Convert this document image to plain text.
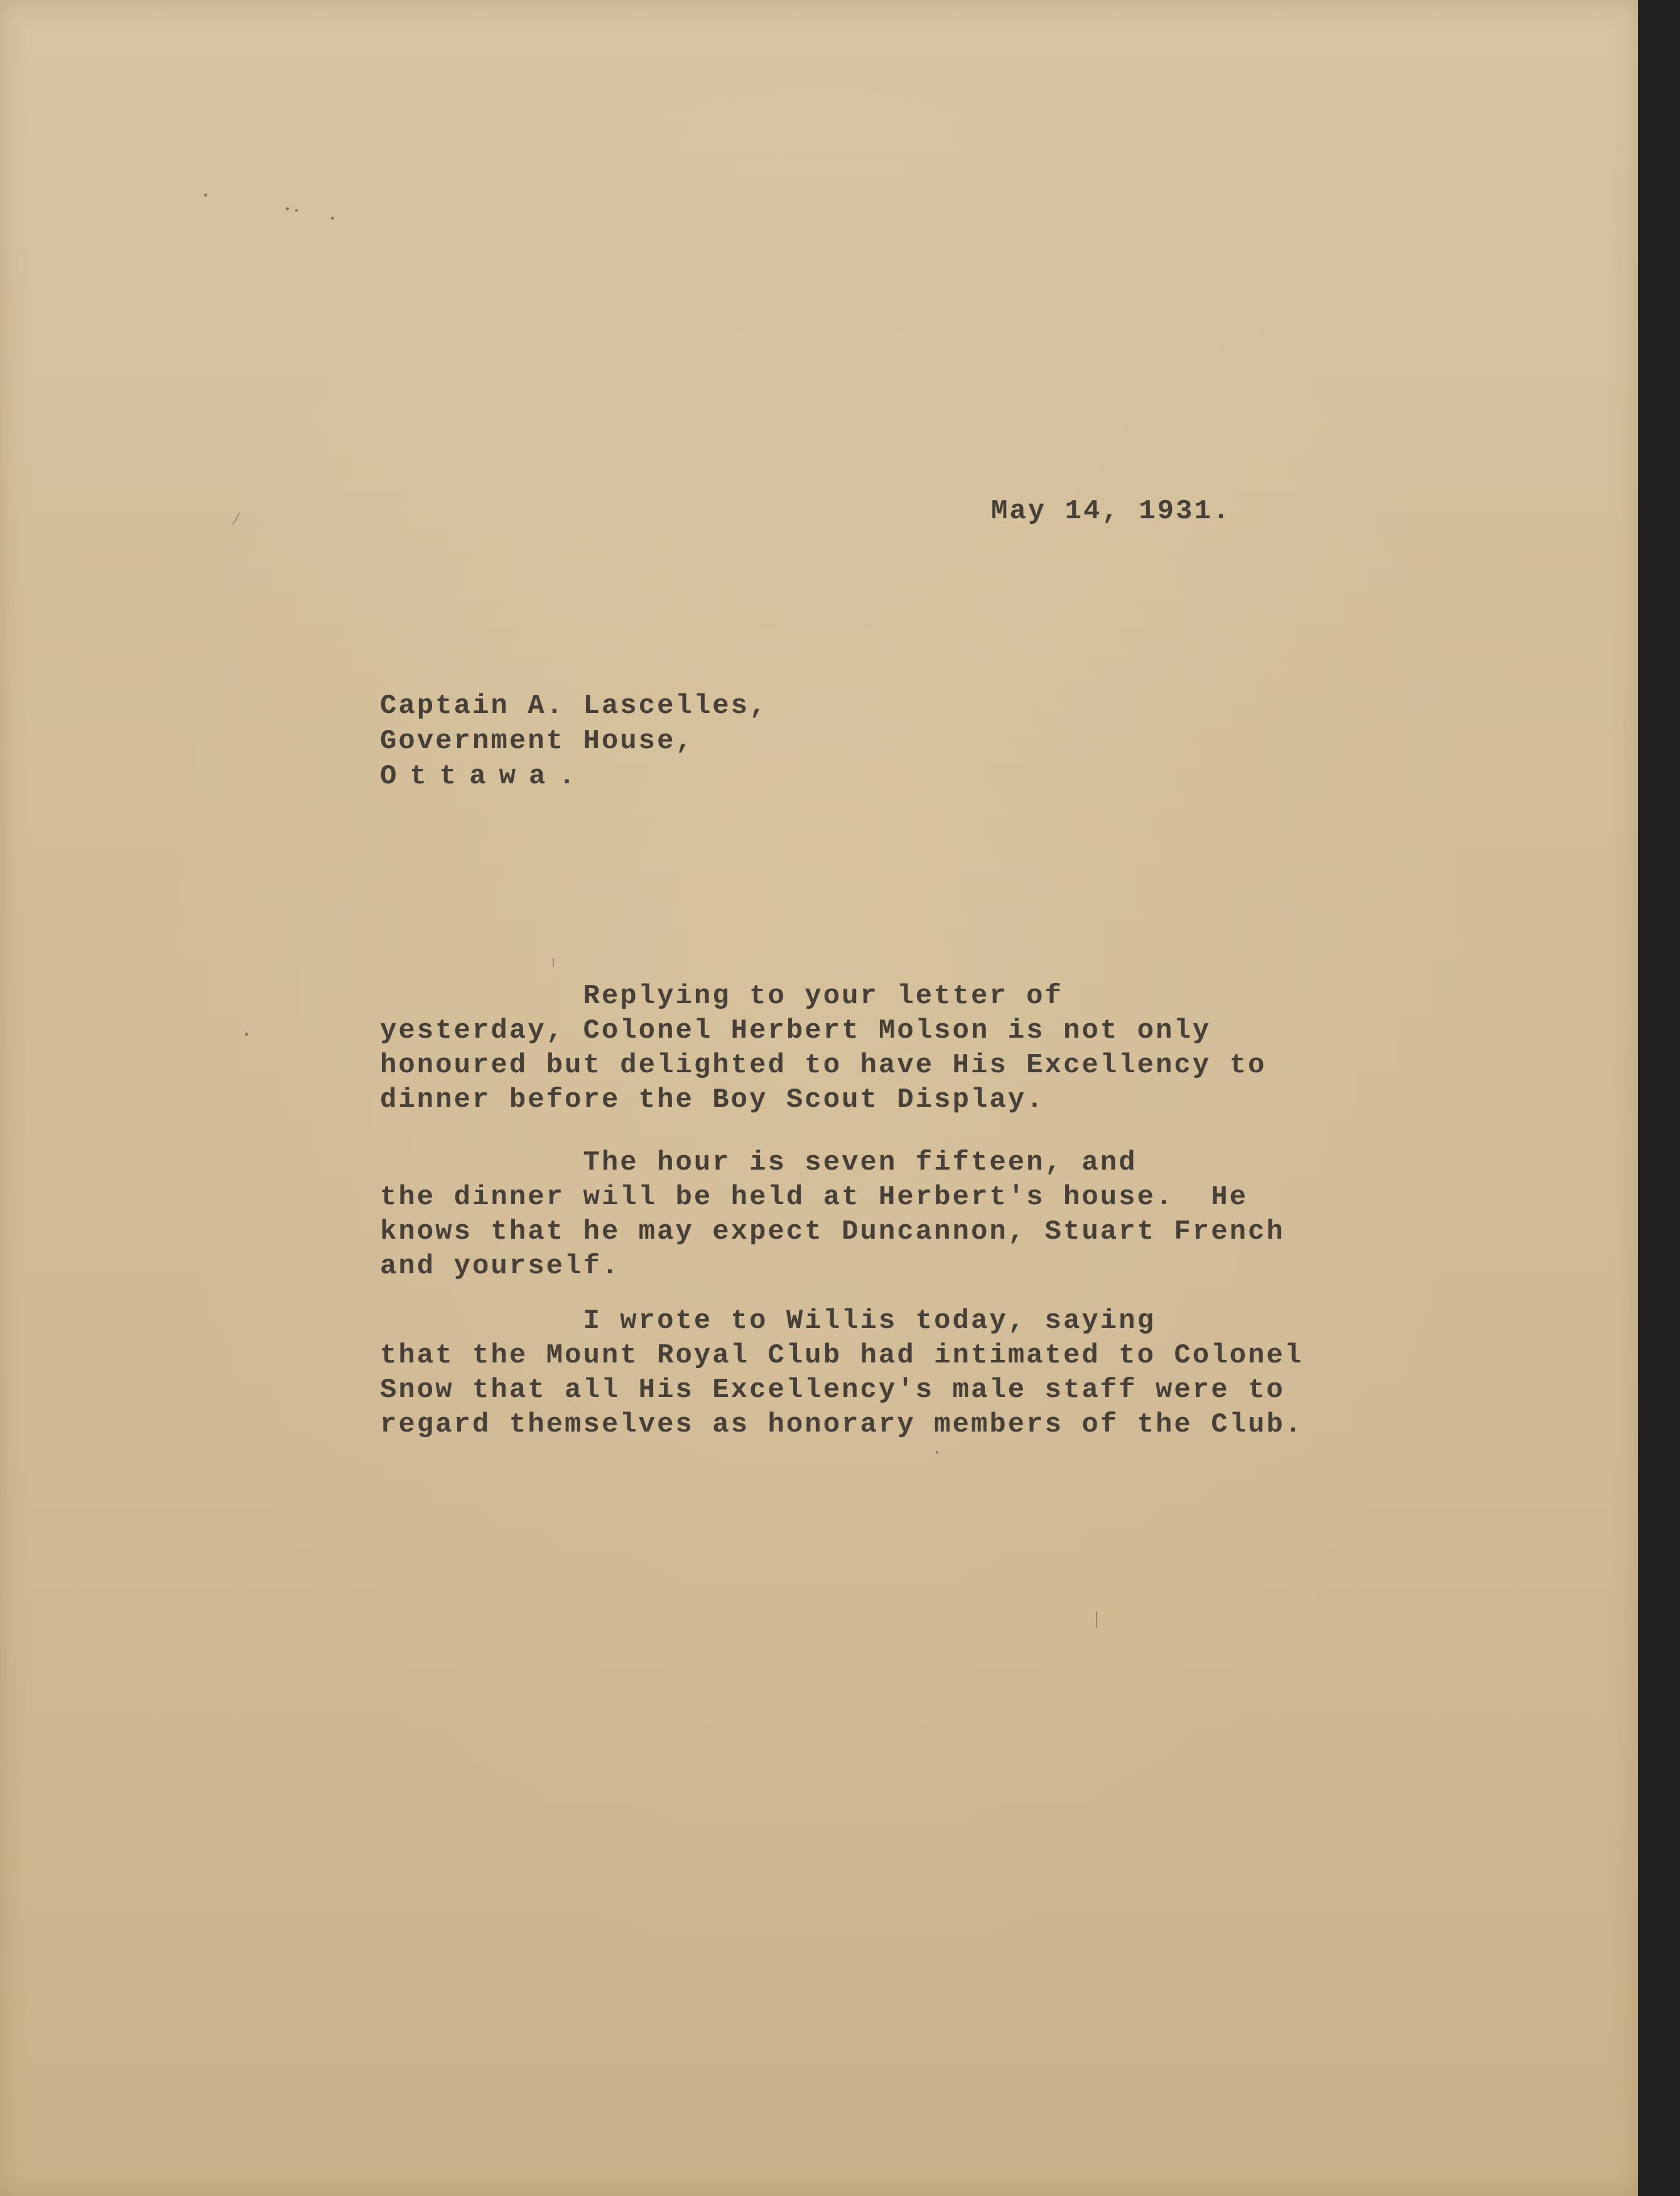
May 14, 1931.

Captain A. Lascelles,

Government House,

Ottawa.

Replying to your letter of
yesterday, Colonel Herbert Molson is not only
honoured but delighted to have His Excellency to
dinner before the Boy Scout Display.

The hour is seven fifteen, and
the dinner will be held at Herbert's house.  He
knows that he may expect Duncannon, Stuart French
and yourself.

I wrote to Willis today, saying
that the Mount Royal Club had intimated to Colonel
Snow that all His Excellency's male staff were to
regard themselves as honorary members of the Club.
